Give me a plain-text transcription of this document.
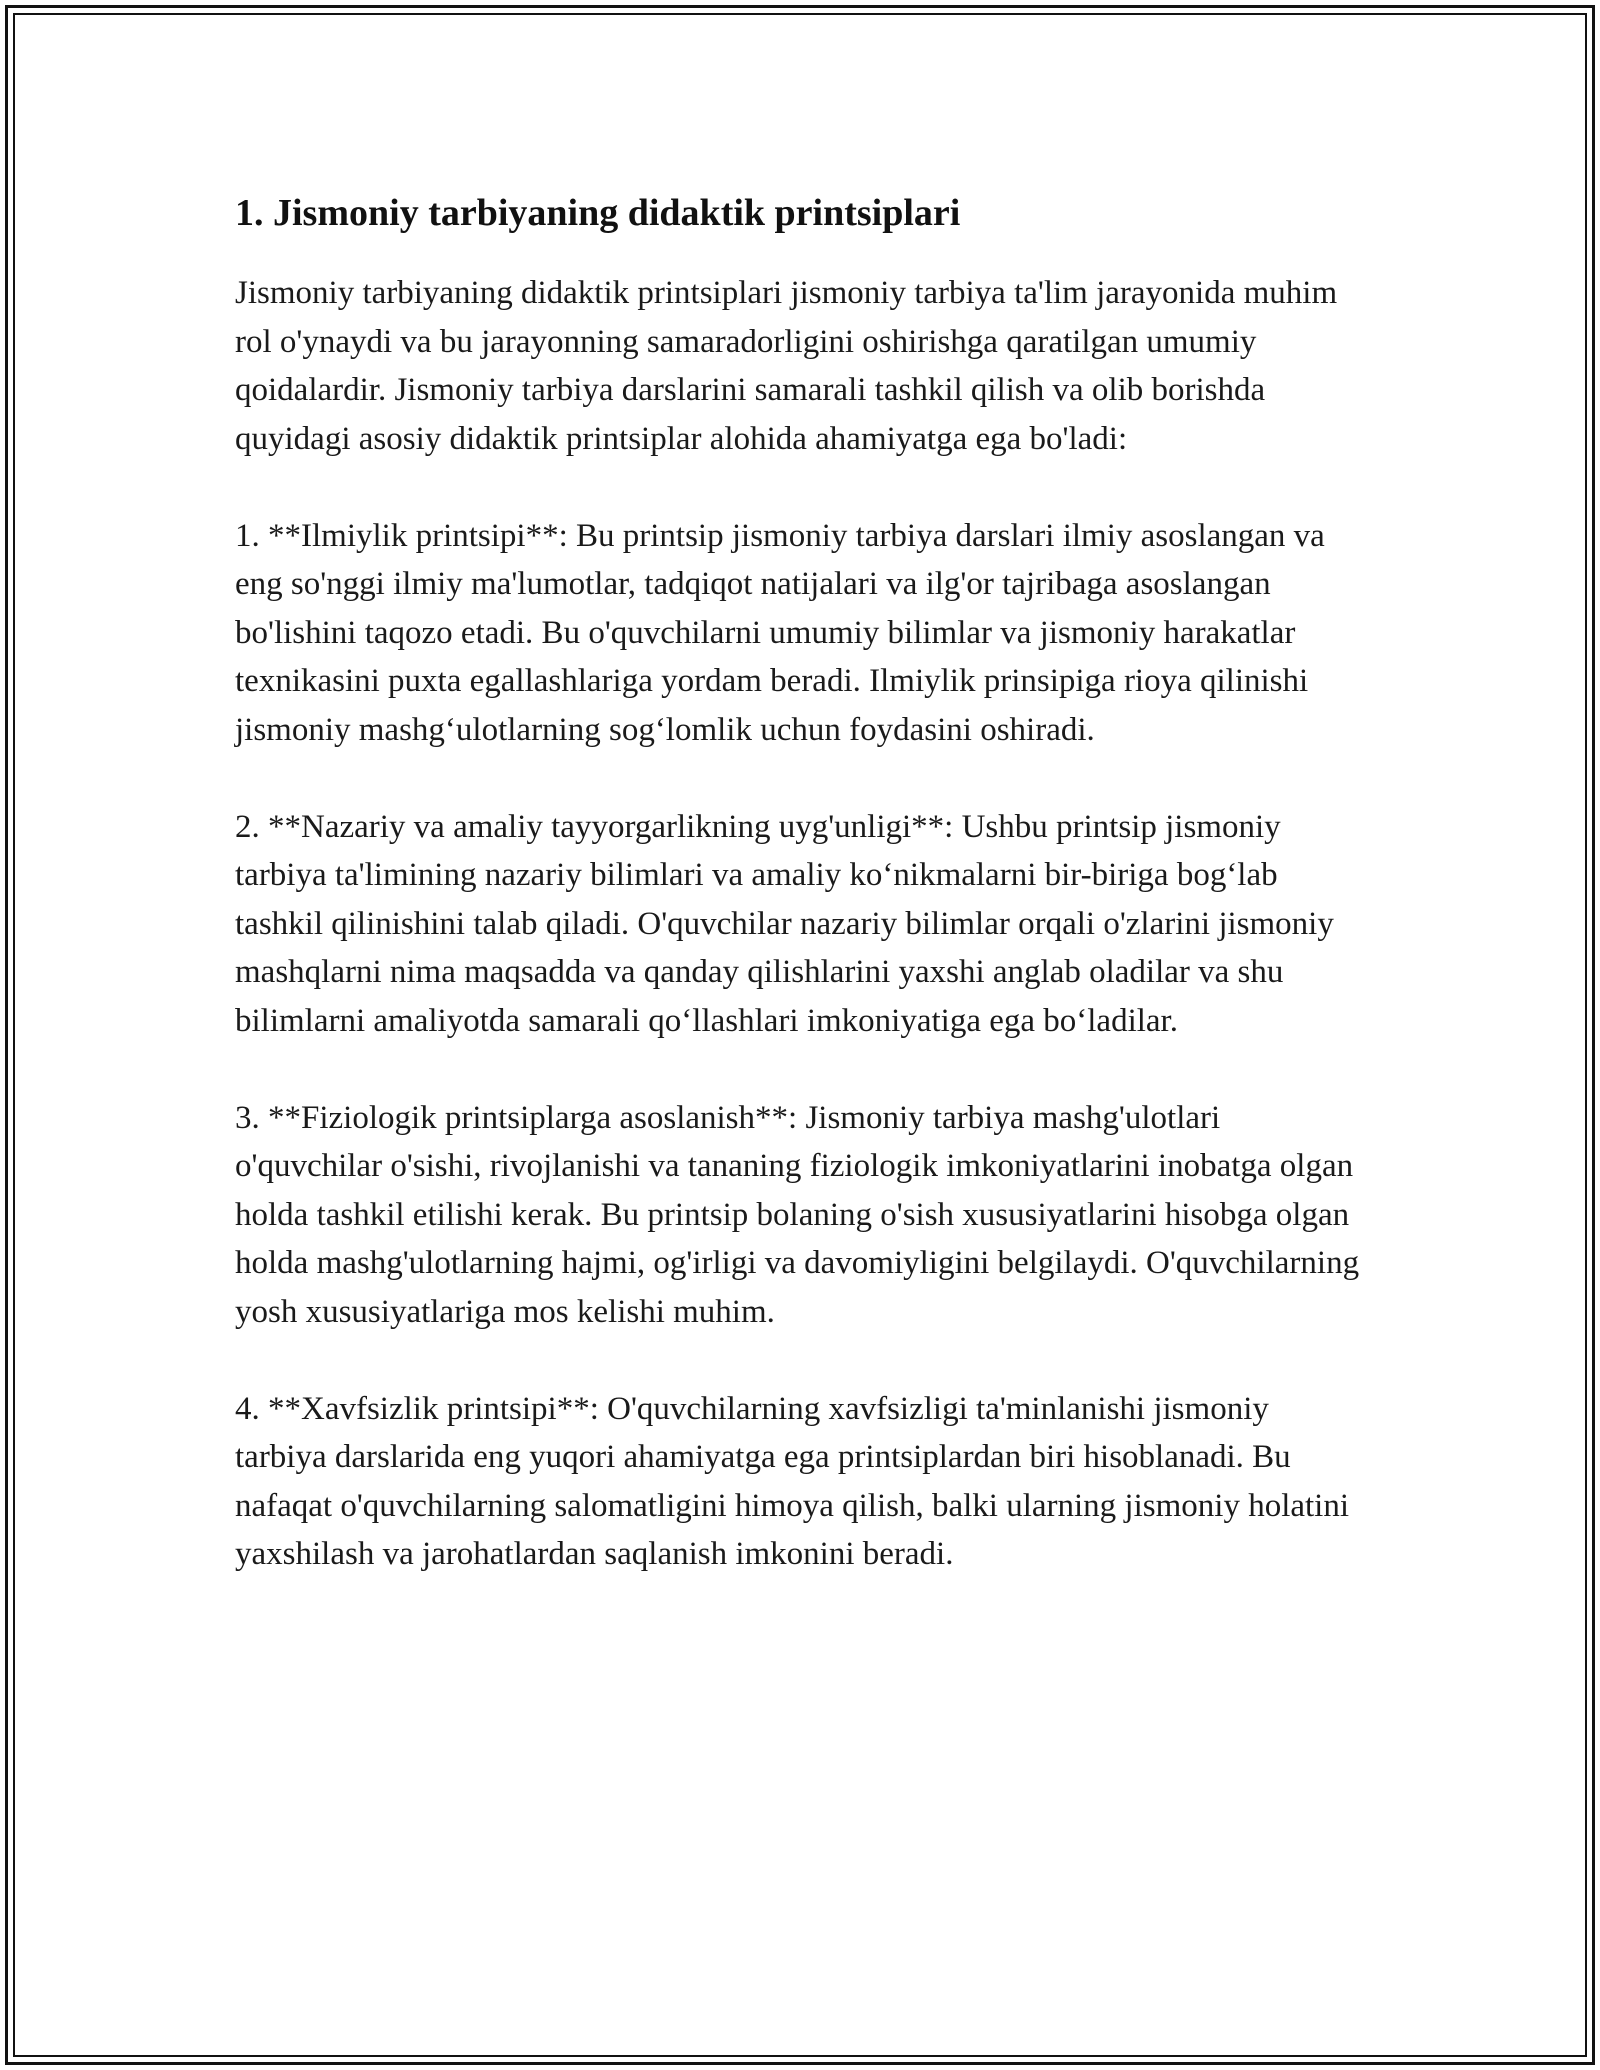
1. Jismoniy tarbiyaning didaktik printsiplari

Jismoniy tarbiyaning didaktik printsiplari jismoniy tarbiya ta'lim jarayonida muhim rol o'ynaydi va bu jarayonning samaradorligini oshirishga qaratilgan umumiy qoidalardir. Jismoniy tarbiya darslarini samarali tashkil qilish va olib borishda quyidagi asosiy didaktik printsiplar alohida ahamiyatga ega bo'ladi:

1. **Ilmiylik printsipi**: Bu printsip jismoniy tarbiya darslari ilmiy asoslangan va eng so'nggi ilmiy ma'lumotlar, tadqiqot natijalari va ilg'or tajribaga asoslangan bo'lishini taqozo etadi. Bu o'quvchilarni umumiy bilimlar va jismoniy harakatlar texnikasini puxta egallashlariga yordam beradi. Ilmiylik prinsipiga rioya qilinishi jismoniy mashg‘ulotlarning sog‘lomlik uchun foydasini oshiradi.

2. **Nazariy va amaliy tayyorgarlikning uyg'unligi**: Ushbu printsip jismoniy tarbiya ta'limining nazariy bilimlari va amaliy ko‘nikmalarni bir-biriga bog‘lab tashkil qilinishini talab qiladi. O'quvchilar nazariy bilimlar orqali o'zlarini jismoniy mashqlarni nima maqsadda va qanday qilishlarini yaxshi anglab oladilar va shu bilimlarni amaliyotda samarali qo‘llashlari imkoniyatiga ega bo‘ladilar.

3. **Fiziologik printsiplarga asoslanish**: Jismoniy tarbiya mashg'ulotlari o'quvchilar o'sishi, rivojlanishi va tananing fiziologik imkoniyatlarini inobatga olgan holda tashkil etilishi kerak. Bu printsip bolaning o'sish xususiyatlarini hisobga olgan holda mashg'ulotlarning hajmi, og'irligi va davomiyligini belgilaydi. O'quvchilarning yosh xususiyatlariga mos kelishi muhim.

4. **Xavfsizlik printsipi**: O'quvchilarning xavfsizligi ta'minlanishi jismoniy tarbiya darslarida eng yuqori ahamiyatga ega printsiplardan biri hisoblanadi. Bu nafaqat o'quvchilarning salomatligini himoya qilish, balki ularning jismoniy holatini yaxshilash va jarohatlardan saqlanish imkonini beradi.
